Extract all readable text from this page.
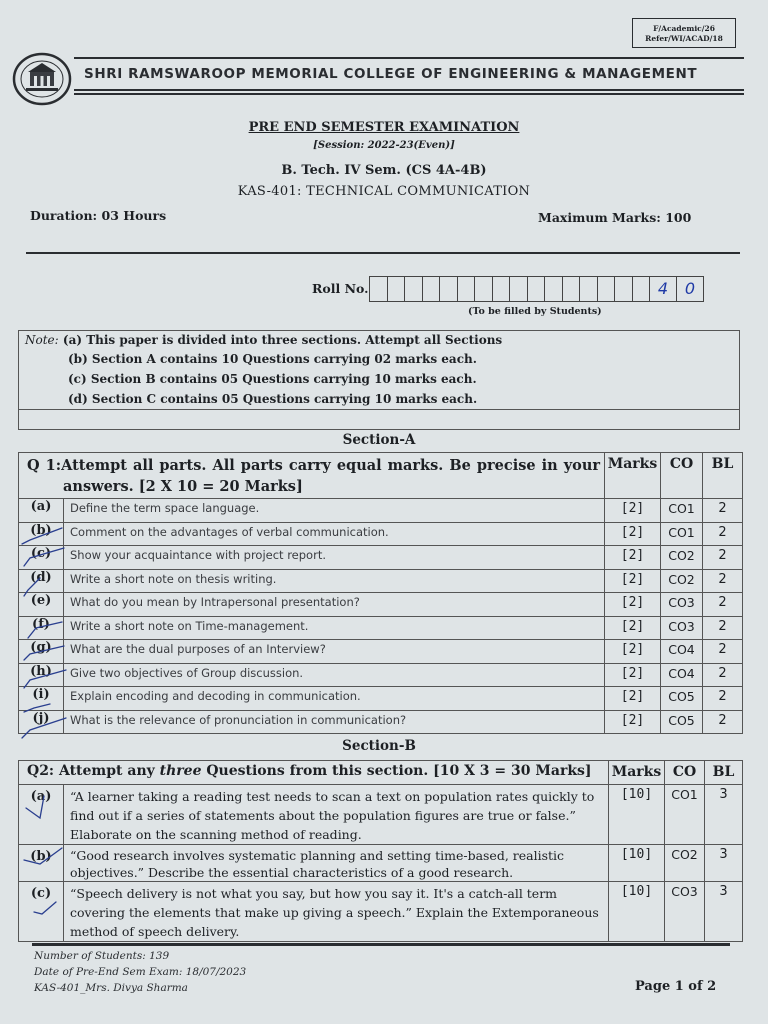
F/Academic/26
Refer/WI/ACAD/18
SHRI RAMSWAROOP MEMORIAL COLLEGE OF ENGINEERING & MANAGEMENT
PRE END SEMESTER EXAMINATION
[Session: 2022-23(Even)]
B. Tech. IV Sem. (CS 4A-4B)
KAS-401: TECHNICAL COMMUNICATION
Duration: 03 Hours	Maximum Marks: 100
Roll No.	4	0
(To be filled by Students)
Note: (a) This paper is divided into three sections. Attempt all Sections
(b) Section A contains 10 Questions carrying 02 marks each.
(c) Section B contains 05 Questions carrying 10 marks each.
(d) Section C contains 05 Questions carrying 10 marks each.
Section-A
Q 1:Attempt all parts. All parts carry equal marks. Be precise in your
answers. [2 X 10 = 20 Marks]		Marks	CO	BL
(a)	Define the term space language.	[2]	CO1	2
(b)	Comment on the advantages of verbal communication.	[2]	CO1	2
(c)	Show your acquaintance with project report.	[2]	CO2	2
(d)	Write a short note on thesis writing.	[2]	CO2	2
(e)	What do you mean by Intrapersonal presentation?	[2]	CO3	2
(f)	Write a short note on Time-management.	[2]	CO3	2
(g)	What are the dual purposes of an Interview?	[2]	CO4	2
(h)	Give two objectives of Group discussion.	[2]	CO4	2
(i)	Explain encoding and decoding in communication.	[2]	CO5	2
(j)	What is the relevance of pronunciation in communication?	[2]	CO5	2
Section-B
Q2: Attempt any three Questions from this section. [10 X 3 = 30 Marks]		Marks	CO	BL
(a)	“A learner taking a reading test needs to scan a text on population rates quickly to find out if a series of statements about the population figures are true or false.” Elaborate on the scanning method of reading.	[10]	CO1	3
(b)	“Good research involves systematic planning and setting time-based, realistic objectives.” Describe the essential characteristics of a good research.	[10]	CO2	3
(c)	“Speech delivery is not what you say, but how you say it. It's a catch-all term covering the elements that make up giving a speech.” Explain the Extemporaneous method of speech delivery.	[10]	CO3	3
Number of Students: 139
Date of Pre-End Sem Exam: 18/07/2023
KAS-401_Mrs. Divya Sharma	Page 1 of 2
